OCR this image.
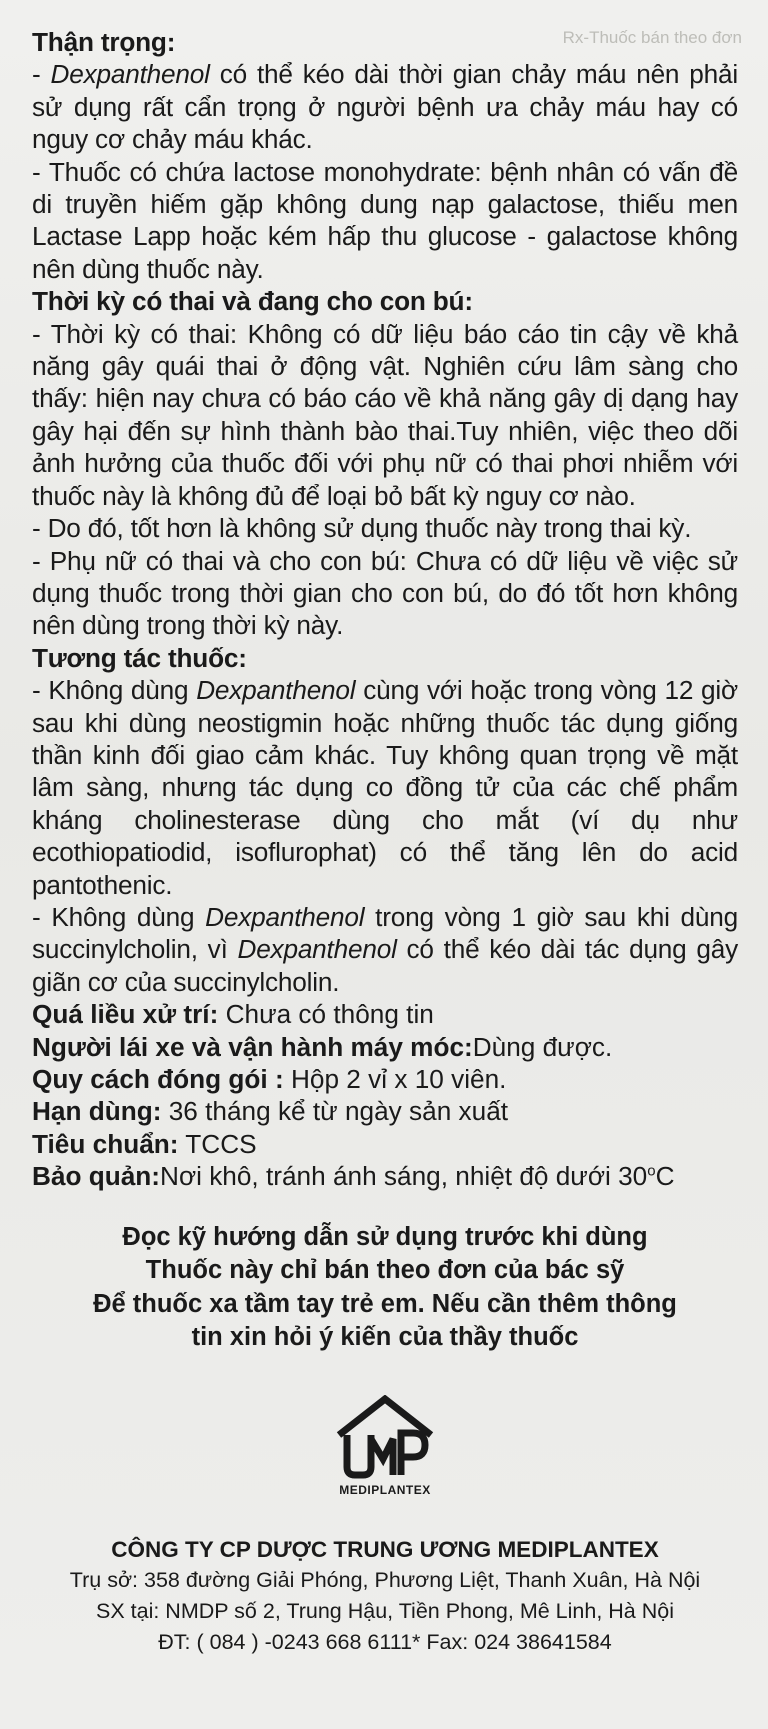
Rx-Thuốc bán theo đơn

Thận trọng:

- Dexpanthenol có thể kéo dài thời gian chảy máu nên phải sử dụng rất cẩn trọng ở người bệnh ưa chảy máu hay có nguy cơ chảy máu khác.

- Thuốc có chứa lactose monohydrate: bệnh nhân có vấn đề di truyền hiếm gặp không dung nạp galactose, thiếu men Lactase Lapp hoặc kém hấp thu glucose - galactose không nên dùng thuốc này.

Thời kỳ có thai và đang cho con bú:

- Thời kỳ có thai: Không có dữ liệu báo cáo tin cậy về khả năng gây quái thai ở động vật. Nghiên cứu lâm sàng cho thấy: hiện nay chưa có báo cáo về khả năng gây dị dạng hay gây hại đến sự hình thành bào thai.Tuy nhiên, việc theo dõi ảnh hưởng của thuốc đối với phụ nữ có thai phơi nhiễm với thuốc này là không đủ để loại bỏ bất kỳ nguy cơ nào.

- Do đó, tốt hơn là không sử dụng thuốc này trong thai kỳ.

- Phụ nữ có thai và cho con bú: Chưa có dữ liệu về việc sử dụng thuốc trong thời gian cho con bú, do đó tốt hơn không nên dùng trong thời kỳ này.

Tương tác thuốc:

- Không dùng Dexpanthenol cùng với hoặc trong vòng 12 giờ sau khi dùng neostigmin hoặc những thuốc tác dụng giống thần kinh đối giao cảm khác. Tuy không quan trọng về mặt lâm sàng, nhưng tác dụng co đồng tử của các chế phẩm kháng cholinesterase dùng cho mắt (ví dụ như ecothiopatiodid, isoflurophat) có thể tăng lên do acid pantothenic.

- Không dùng Dexpanthenol trong vòng 1 giờ sau khi dùng succinylcholin, vì Dexpanthenol có thể kéo dài tác dụng gây giãn cơ của succinylcholin.

Quá liều xử trí: Chưa có thông tin

Người lái xe và vận hành máy móc:Dùng được.

Quy cách đóng gói : Hộp 2 vỉ x 10 viên.

Hạn dùng: 36 tháng kể từ ngày sản xuất

Tiêu chuẩn: TCCS

Bảo quản:Nơi khô, tránh ánh sáng, nhiệt độ dưới 30$^o$C

Đọc kỹ hướng dẫn sử dụng trước khi dùng

Thuốc này chỉ bán theo đơn của bác sỹ

Để thuốc xa tầm tay trẻ em. Nếu cần thêm thông

tin xin hỏi ý kiến của thầy thuốc

MEDIPLANTEX
CÔNG TY CP DƯỢC TRUNG ƯƠNG MEDIPLANTEX

Trụ sở: 358 đường Giải Phóng, Phương Liệt, Thanh Xuân, Hà Nội

SX tại: NMDP số 2, Trung Hậu, Tiền Phong, Mê Linh, Hà Nội

ĐT: ( 084 ) -0243 668 6111* Fax: 024 38641584
